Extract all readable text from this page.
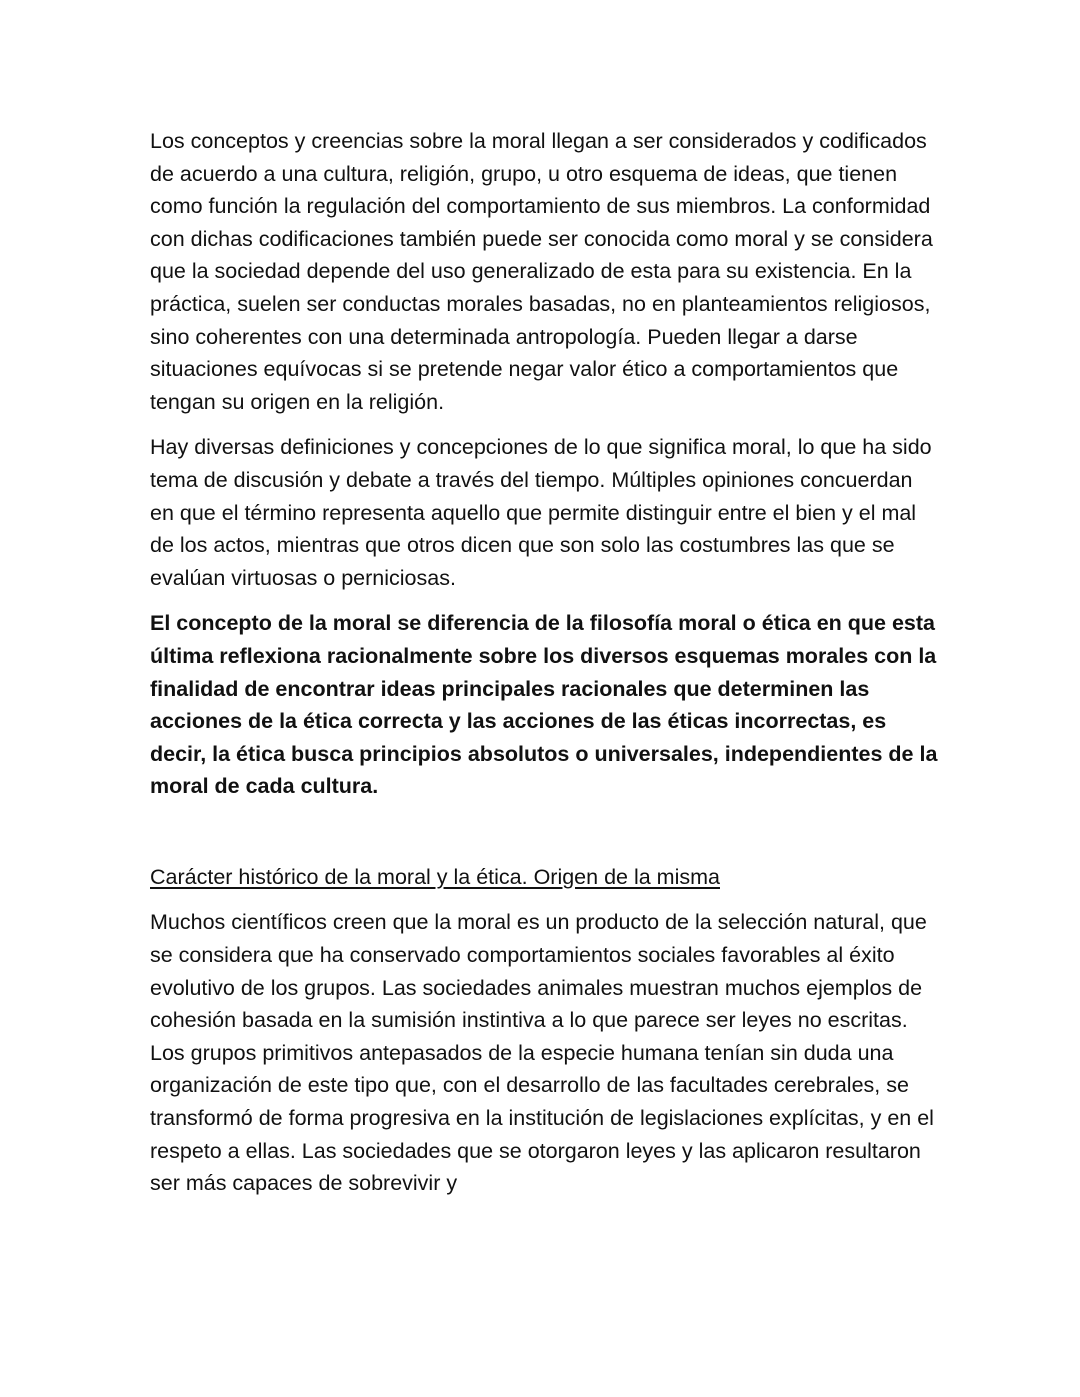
Los conceptos y creencias sobre la moral llegan a ser considerados y codificados de acuerdo a una cultura, religión, grupo, u otro esquema de ideas, que tienen como función la regulación del comportamiento de sus miembros. La conformidad con dichas codificaciones también puede ser conocida como moral y se considera que la sociedad depende del uso generalizado de esta para su existencia. En la práctica, suelen ser conductas morales basadas, no en planteamientos religiosos, sino coherentes con una determinada antropología. Pueden llegar a darse situaciones equívocas si se pretende negar valor ético a comportamientos que tengan su origen en la religión.

Hay diversas definiciones y concepciones de lo que significa moral, lo que ha sido tema de discusión y debate a través del tiempo. Múltiples opiniones concuerdan en que el término representa aquello que permite distinguir entre el bien y el mal de los actos, mientras que otros dicen que son solo las costumbres las que se evalúan virtuosas o perniciosas.

El concepto de la moral se diferencia de la filosofía moral o ética en que esta última reflexiona racionalmente sobre los diversos esquemas morales con la finalidad de encontrar ideas principales racionales que determinen las acciones de la ética correcta y las acciones de las éticas incorrectas, es decir, la ética busca principios absolutos o universales, independientes de la moral de cada cultura.

Carácter histórico de la moral y la ética. Origen de la misma

Muchos científicos creen que la moral es un producto de la selección natural, que se considera que ha conservado comportamientos sociales favorables al éxito evolutivo de los grupos. Las sociedades animales muestran muchos ejemplos de cohesión basada en la sumisión instintiva a lo que parece ser leyes no escritas. Los grupos primitivos antepasados de la especie humana tenían sin duda una organización de este tipo que, con el desarrollo de las facultades cerebrales, se transformó de forma progresiva en la institución de legislaciones explícitas, y en el respeto a ellas. Las sociedades que se otorgaron leyes y las aplicaron resultaron ser más capaces de sobrevivir y
